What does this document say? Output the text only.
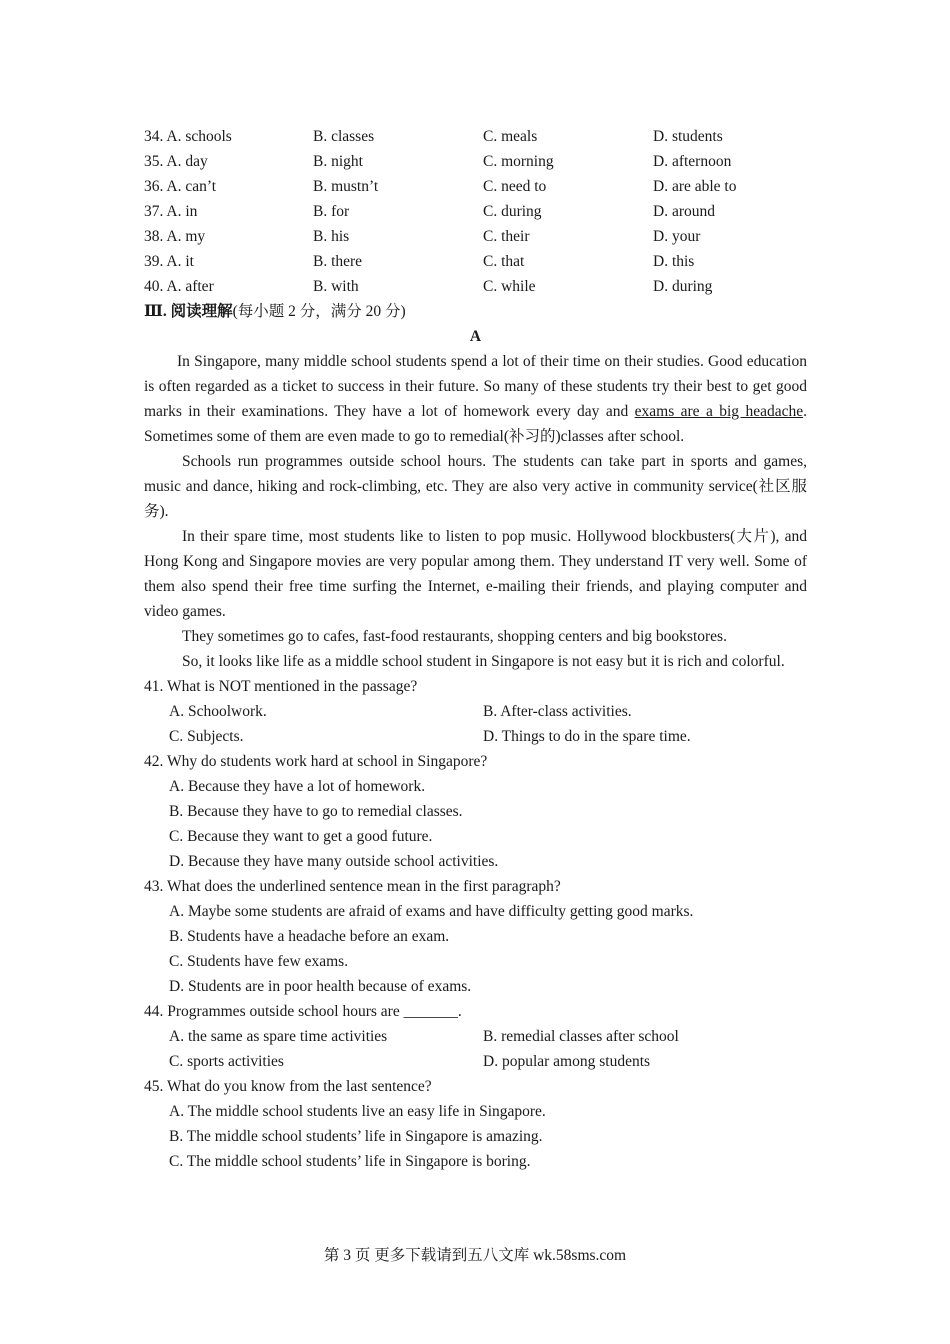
34. A. schools	B. classes	C. meals	D. students
35. A. day	B. night	C. morning	D. afternoon
36. A. can’t	B. mustn’t	C. need to	D. are able to
37. A. in	B. for	C. during	D. around
38. A. my	B. his	C. their	D. your
39. A. it	B. there	C. that	D. this
40. A. after	B. with	C. while	D. during
Ⅲ. 阅读理解(每小题 2 分，满分 20 分)
A
In Singapore, many middle school students spend a lot of their time on their studies. Good education is often regarded as a ticket to success in their future. So many of these students try their best to get good marks in their examinations. They have a lot of homework every day and exams are a big headache. Sometimes some of them are even made to go to remedial(补习的)classes after school.
Schools run programmes outside school hours. The students can take part in sports and games, music and dance, hiking and rock-climbing, etc. They are also very active in community service(社区服务).
In their spare time, most students like to listen to pop music. Hollywood blockbusters(大片), and Hong Kong and Singapore movies are very popular among them. They understand IT very well. Some of them also spend their free time surfing the Internet, e-mailing their friends, and playing computer and video games.
They sometimes go to cafes, fast-food restaurants, shopping centers and big bookstores.
So, it looks like life as a middle school student in Singapore is not easy but it is rich and colorful.
41. What is NOT mentioned in the passage?
A. Schoolwork.	B. After-class activities.
C. Subjects.	D. Things to do in the spare time.
42. Why do students work hard at school in Singapore?
A. Because they have a lot of homework.
B. Because they have to go to remedial classes.
C. Because they want to get a good future.
D. Because they have many outside school activities.
43. What does the underlined sentence mean in the first paragraph?
A. Maybe some students are afraid of exams and have difficulty getting good marks.
B. Students have a headache before an exam.
C. Students have few exams.
D. Students are in poor health because of exams.
44. Programmes outside school hours are _______.
A. the same as spare time activities	B. remedial classes after school
C. sports activities	D. popular among students
45. What do you know from the last sentence?
A. The middle school students live an easy life in Singapore.
B. The middle school students’ life in Singapore is amazing.
C. The middle school students’ life in Singapore is boring.
第 3 页 更多下载请到五八文库 wk.58sms.com
